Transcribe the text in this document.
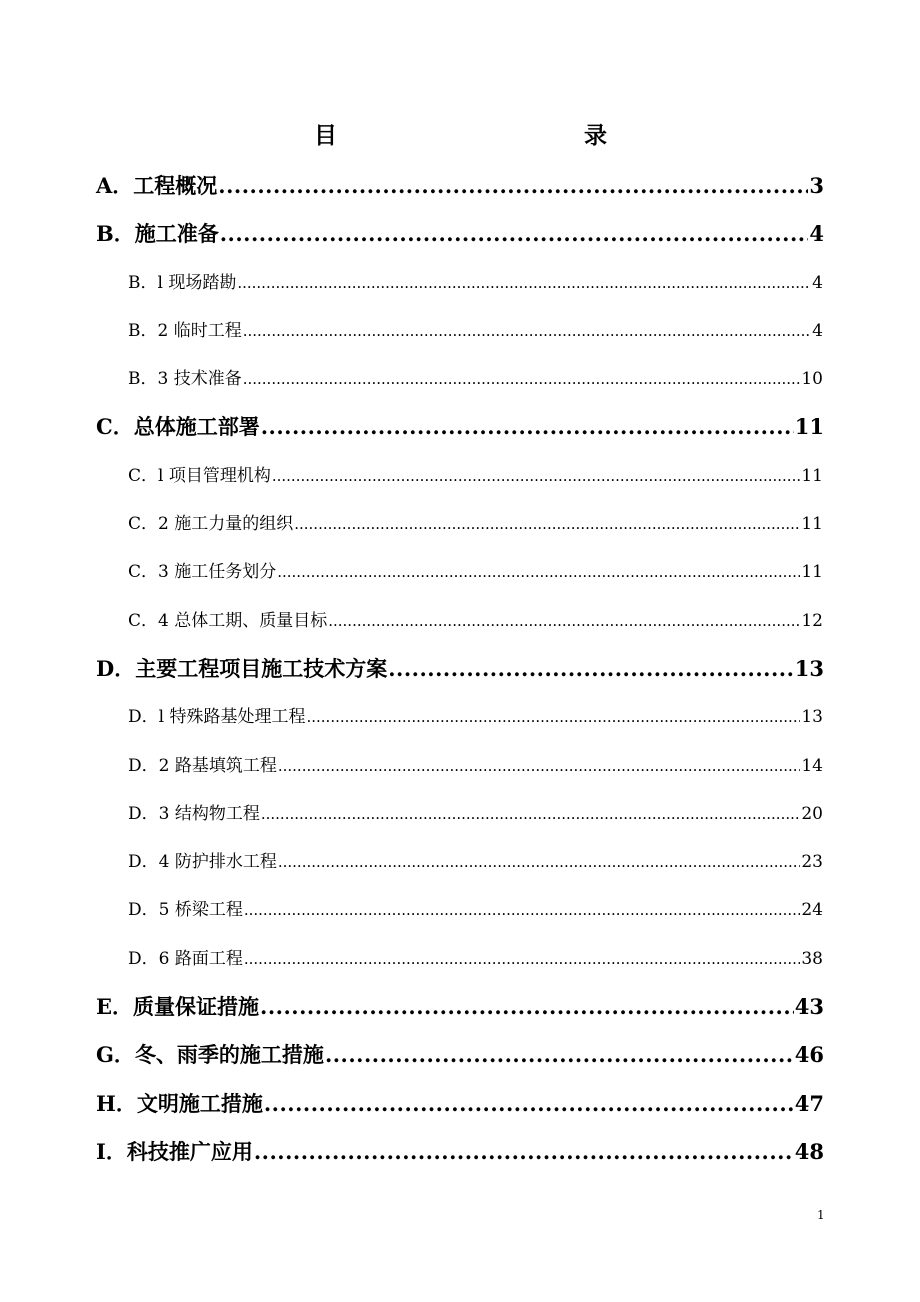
目	录
A．工程概况 .....	3
B．施工准备 .....	4
B．l 现场踏勘 .....	4
B．2 临时工程 .....	4
B．3 技术准备 .....	10
C．总体施工部署 .....	11
C．l 项目管理机构 .....	11
C．2 施工力量的组织 .....	11
C．3 施工任务划分 .....	11
C．4 总体工期、质量目标 .....	12
D．主要工程项目施工技术方案 .....	13
D．l 特殊路基处理工程 .....	13
D．2 路基填筑工程 .....	14
D．3 结构物工程 .....	20
D．4 防护排水工程 .....	23
D．5 桥梁工程 .....	24
D．6 路面工程 .....	38
E．质量保证措施 .....	43
G．冬、雨季的施工措施 .....	46
H．文明施工措施 .....	47
I．科技推广应用 .....	48
1
